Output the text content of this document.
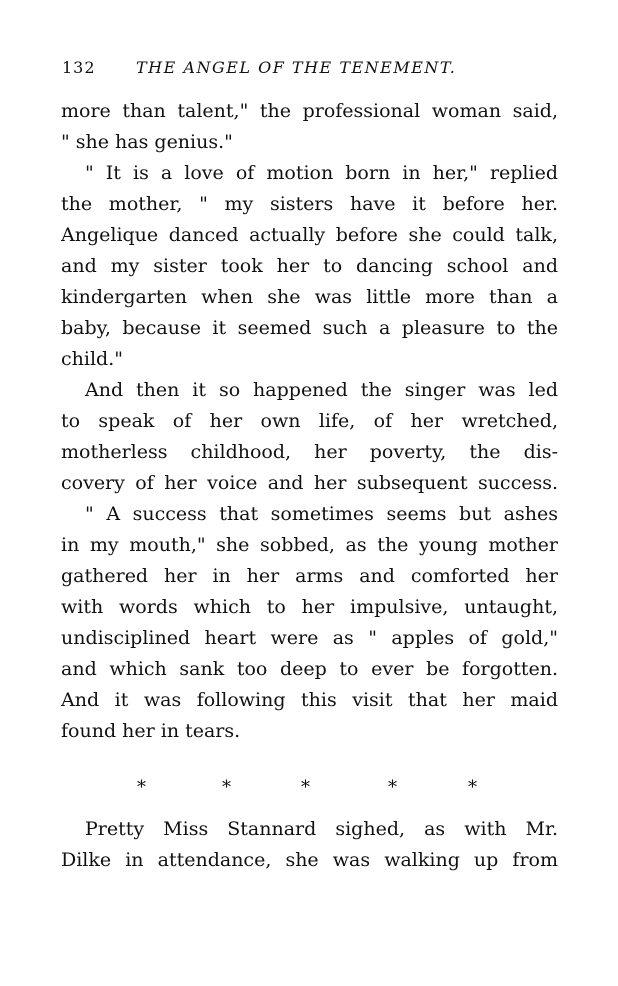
132	THE ANGEL OF THE TENEMENT.
more than talent," the professional woman said,
" she has genius."
" It is a love of motion born in her," replied
the mother, " my sisters have it before her.
Angelique danced actually before she could talk,
and my sister took her to dancing school and
kindergarten when she was little more than a
baby, because it seemed such a pleasure to the
child."
And then it so happened the singer was led
to speak of her own life, of her wretched,
motherless childhood, her poverty, the dis-
covery of her voice and her subsequent success.
" A success that sometimes seems but ashes
in my mouth," she sobbed, as the young mother
gathered her in her arms and comforted her
with words which to her impulsive, untaught,
undisciplined heart were as " apples of gold,"
and which sank too deep to ever be forgotten.
And it was following this visit that her maid
found her in tears.
*	*	*	*	*
Pretty Miss Stannard sighed, as with Mr.
Dilke in attendance, she was walking up from
